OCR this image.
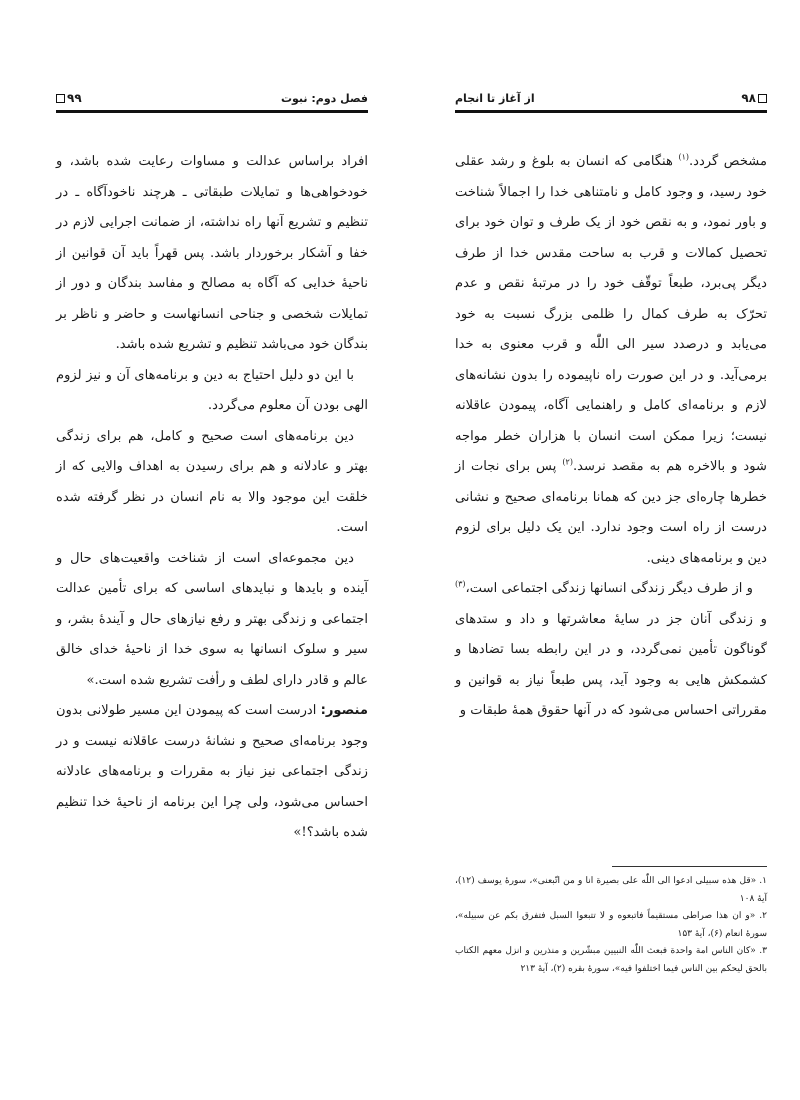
فصل دوم: نبوت
۹۹

افراد براساس عدالت و مساوات رعایت شده باشد، و خودخواهی‌ها و تمایلات طبقاتی ـ هرچند ناخودآگاه ـ در تنظیم و تشریع آنها راه نداشته، از ضمانت اجرایی لازم در خفا و آشکار برخوردار باشد. پس قهراً باید آن قوانین از ناحیهٔ خدایی که آگاه به مصالح و مفاسد بندگان و دور از تمایلات شخصی و جناحی انسانهاست و حاضر و ناظر بر بندگان خود می‌باشد تنظیم و تشریع شده باشد.

با این دو دلیل احتیاج به دین و برنامه‌های آن و نیز لزوم الهی بودن آن معلوم می‌گردد.

دین برنامه‌های است صحیح و کامل، هم برای زندگی بهتر و عادلانه و هم برای رسیدن به اهداف والایی که از خلقت این موجود والا به نام انسان در نظر گرفته شده است.

دین مجموعه‌ای است از شناخت واقعیت‌های حال و آینده و بایدها و نبایدهای اساسی که برای تأمین عدالت اجتماعی و زندگی بهتر و رفع نیازهای حال و آیندهٔ بشر، و سیر و سلوک انسانها به سوی خدا از ناحیهٔ خدای خالق عالم و قادر دارای لطف و رأفت تشریع شده است.»

منصور: ادرست است که پیمودن این مسیر طولانی بدون وجود برنامه‌ای صحیح و نشانهٔ درست عاقلانه نیست و در زندگی اجتماعی نیز نیاز به مقررات و برنامه‌های عادلانه احساس می‌شود، ولی چرا این برنامه از ناحیهٔ خدا تنظیم شده باشد؟!»

از آغاز تا انجام	۹۸

مشخص گردد.$^{(۱)}$ هنگامی که انسان به بلوغ و رشد عقلی خود رسید، و وجود کامل و نامتناهی خدا را اجمالاً شناخت و باور نمود، و به نقص خود از یک طرف و توان خود برای تحصیل کمالات و قرب به ساحت مقدس خدا از طرف دیگر پی‌برد، طبعاً توقّف خود را در مرتبهٔ نقص و عدم تحرّک به طرف کمال را ظلمی بزرگ نسبت به خود می‌یابد و درصدد سیر الی اللّٰه و قرب معنوی به خدا برمی‌آید. و در این صورت راه ناپیموده را بدون نشانه‌های لازم و برنامه‌ای کامل و راهنمایی آگاه، پیمودن عاقلانه نیست؛ زیرا ممکن است انسان با هزاران خطر مواجه شود و بالاخره هم به مقصد نرسد.$^{(۲)}$ پس برای نجات از خطرها چاره‌ای جز دین که همانا برنامه‌ای صحیح و نشانی درست از راه است وجود ندارد. این یک دلیل برای لزوم دین و برنامه‌های دینی.

و از طرف دیگر زندگی انسانها زندگی اجتماعی است،$^{(۳)}$ و زندگی آنان جز در سایهٔ معاشرتها و داد و ستدهای گوناگون تأمین نمی‌گردد، و در این رابطه بسا تضادها و کشمکش هایی به وجود آید، پس طبعاً نیاز به قوانین و مقرراتی احساس می‌شود که در آنها حقوق همهٔ طبقات و

۱. «قل هذه سبیلی ادعوا الی اللّٰه علی بصیرة انا و من اتّبعنی»، سورهٔ یوسف (۱۲)، آیهٔ ۱۰۸

۲. «و ان هذا صراطی مستقیماً فاتبعوه و لا تتبعوا السبل فتفرق بکم عن سبیله»، سورهٔ انعام (۶)، آیهٔ ۱۵۳

۳. «کان الناس امة واحدة فبعث اللّٰه النبیین مبشّرین و منذرین و انزل معهم الکتاب بالحق لیحکم بین الناس فیما اختلفوا فیه»، سورهٔ بقره (۲)، آیهٔ ۲۱۳
